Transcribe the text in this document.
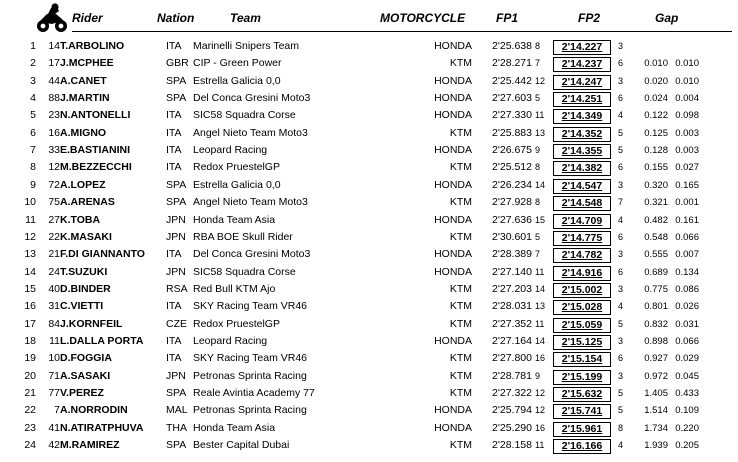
Rider	Nation	Team	MOTORCYCLE	FP1	FP2	Gap
1	14 T.ARBOLINO	ITA Marinelli Snipers Team	HONDA	2'25.638 8	2'14.227	3
2	17 J.MCPHEE	GBR CIP - Green Power	KTM	2'28.271 7	2'14.237	6	0.010 0.010
3	44 A.CANET	SPA Estrella Galicia 0,0	HONDA	2'25.442 12	2'14.247	3	0.020 0.010
4	88 J.MARTIN	SPA Del Conca Gresini Moto3	HONDA	2'27.603 5	2'14.251	6	0.024 0.004
5	23 N.ANTONELLI	ITA SIC58 Squadra Corse	HONDA	2'27.330 11	2'14.349	4	0.122 0.098
6	16 A.MIGNO	ITA Angel Nieto Team Moto3	KTM	2'25.883 13	2'14.352	5	0.125 0.003
7	33 E.BASTIANINI	ITA Leopard Racing	HONDA	2'26.675 9	2'14.355	5	0.128 0.003
8	12 M.BEZZECCHI	ITA Redox PruestelGP	KTM	2'25.512 8	2'14.382	6	0.155 0.027
9	72 A.LOPEZ	SPA Estrella Galicia 0,0	HONDA	2'26.234 14	2'14.547	3	0.320 0.165
10	75 A.ARENAS	SPA Angel Nieto Team Moto3	KTM	2'27.928 8	2'14.548	7	0.321 0.001
11	27 K.TOBA	JPN Honda Team Asia	HONDA	2'27.636 15	2'14.709	4	0.482 0.161
12	22 K.MASAKI	JPN RBA BOE Skull Rider	KTM	2'30.601 5	2'14.775	6	0.548 0.066
13	21 F.DI GIANNANTO ITA Del Conca Gresini Moto3	HONDA	2'28.389 7	2'14.782	3	0.555 0.007
14	24 T.SUZUKI	JPN SIC58 Squadra Corse	HONDA	2'27.140 11	2'14.916	6	0.689 0.134
15	40 D.BINDER	RSA Red Bull KTM Ajo	KTM	2'27.203 14	2'15.002	3	0.775 0.086
16	31 C.VIETTI	ITA SKY Racing Team VR46	KTM	2'28.031 13	2'15.028	4	0.801 0.026
17	84 J.KORNFEIL	CZE Redox PruestelGP	KTM	2'27.352 11	2'15.059	5	0.832 0.031
18	11 L.DALLA PORTA ITA Leopard Racing	HONDA	2'27.164 14	2'15.125	3	0.898 0.066
19	10 D.FOGGIA	ITA SKY Racing Team VR46	KTM	2'27.800 16	2'15.154	6	0.927 0.029
20	71 A.SASAKI	JPN Petronas Sprinta Racing	KTM	2'28.781 9	2'15.199	3	0.972 0.045
21	77 V.PEREZ	SPA Reale Avintia Academy 77	KTM	2'27.322 12	2'15.632	5	1.405 0.433
22	7 A.NORRODIN	MAL Petronas Sprinta Racing	HONDA	2'25.794 12	2'15.741	5	1.514 0.109
23	41 N.ATIRATPHUVA THA Honda Team Asia	HONDA	2'25.290 16	2'15.961	8	1.734 0.220
24	42 M.RAMIREZ	SPA Bester Capital Dubai	KTM	2'28.158 11	2'16.166	4	1.939 0.205
